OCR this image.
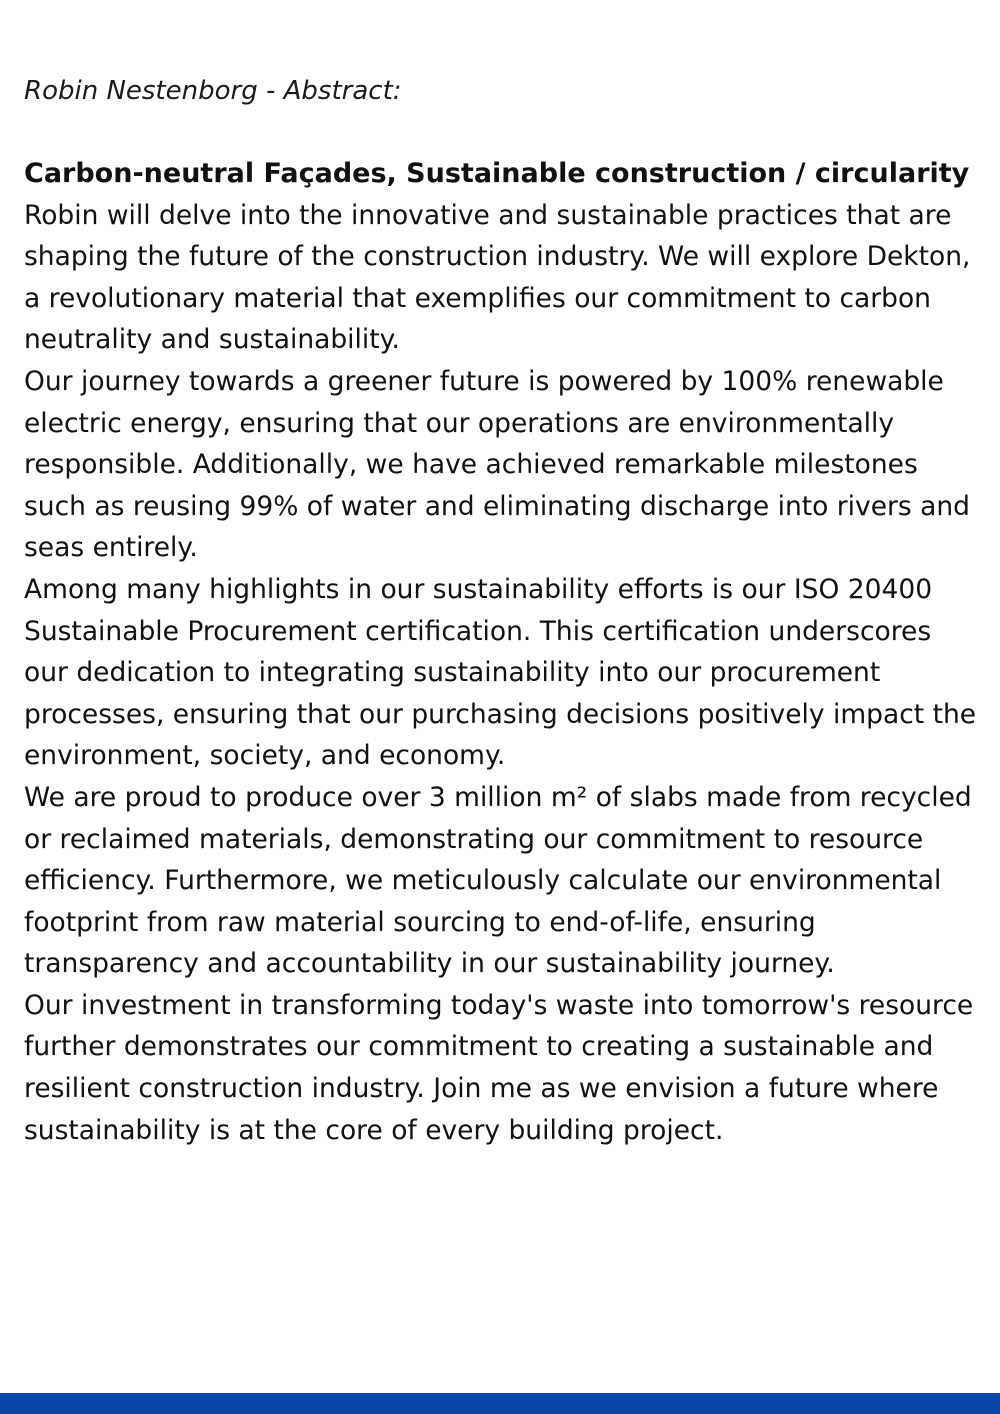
Robin Nestenborg - Abstract:

Carbon-neutral Façades, Sustainable construction / circularity

Robin will delve into the innovative and sustainable practices that are shaping the future of the construction industry. We will explore Dekton, a revolutionary material that exemplifies our commitment to carbon neutrality and sustainability.

Our journey towards a greener future is powered by 100% renewable electric energy, ensuring that our operations are environmentally responsible. Additionally, we have achieved remarkable milestones such as reusing 99% of water and eliminating discharge into rivers and seas entirely.

Among many highlights in our sustainability efforts is our ISO 20400 Sustainable Procurement certification. This certification underscores our dedication to integrating sustainability into our procurement processes, ensuring that our purchasing decisions positively impact the environment, society, and economy.

We are proud to produce over 3 million m² of slabs made from recycled or reclaimed materials, demonstrating our commitment to resource efficiency. Furthermore, we meticulously calculate our environmental footprint from raw material sourcing to end-of-life, ensuring transparency and accountability in our sustainability journey.

Our investment in transforming today's waste into tomorrow's resource further demonstrates our commitment to creating a sustainable and resilient construction industry. Join me as we envision a future where sustainability is at the core of every building project.
